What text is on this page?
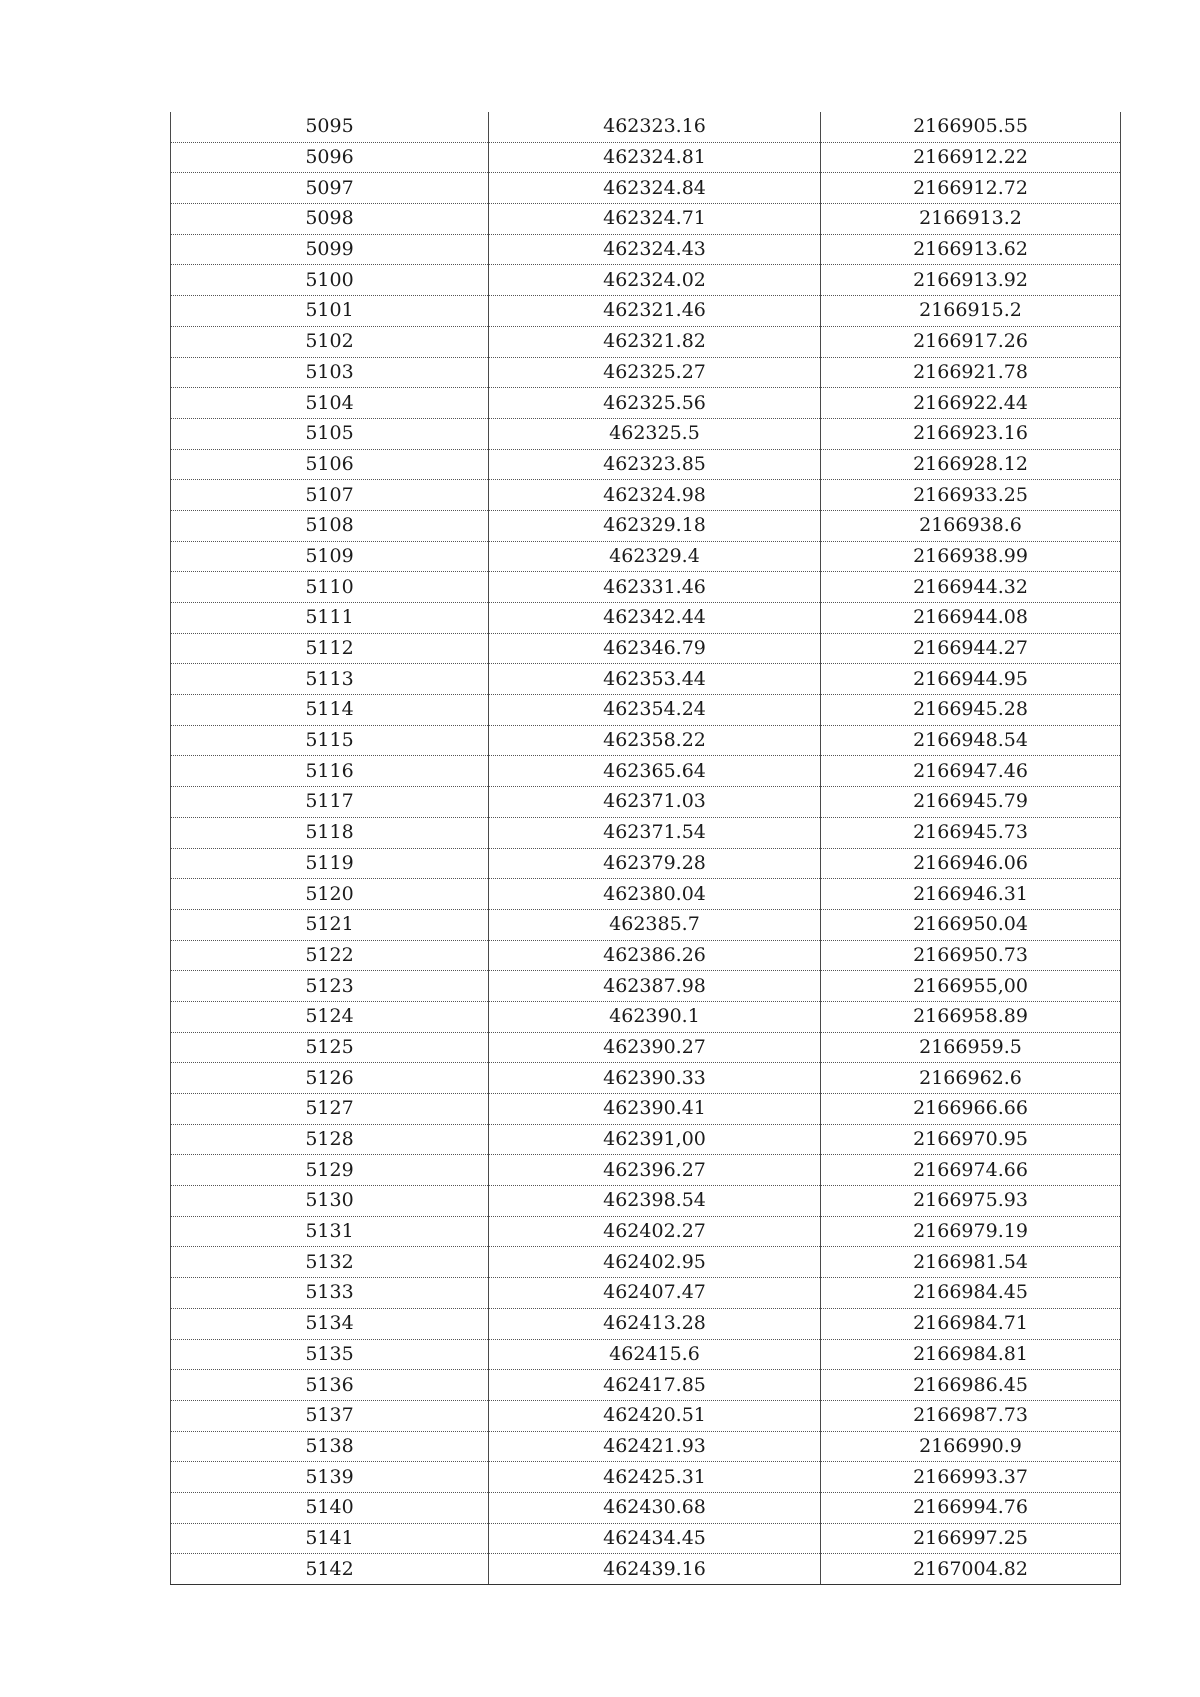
5095	462323.16	2166905.55
5096	462324.81	2166912.22
5097	462324.84	2166912.72
5098	462324.71	2166913.2
5099	462324.43	2166913.62
5100	462324.02	2166913.92
5101	462321.46	2166915.2
5102	462321.82	2166917.26
5103	462325.27	2166921.78
5104	462325.56	2166922.44
5105	462325.5	2166923.16
5106	462323.85	2166928.12
5107	462324.98	2166933.25
5108	462329.18	2166938.6
5109	462329.4	2166938.99
5110	462331.46	2166944.32
5111	462342.44	2166944.08
5112	462346.79	2166944.27
5113	462353.44	2166944.95
5114	462354.24	2166945.28
5115	462358.22	2166948.54
5116	462365.64	2166947.46
5117	462371.03	2166945.79
5118	462371.54	2166945.73
5119	462379.28	2166946.06
5120	462380.04	2166946.31
5121	462385.7	2166950.04
5122	462386.26	2166950.73
5123	462387.98	2166955,00
5124	462390.1	2166958.89
5125	462390.27	2166959.5
5126	462390.33	2166962.6
5127	462390.41	2166966.66
5128	462391,00	2166970.95
5129	462396.27	2166974.66
5130	462398.54	2166975.93
5131	462402.27	2166979.19
5132	462402.95	2166981.54
5133	462407.47	2166984.45
5134	462413.28	2166984.71
5135	462415.6	2166984.81
5136	462417.85	2166986.45
5137	462420.51	2166987.73
5138	462421.93	2166990.9
5139	462425.31	2166993.37
5140	462430.68	2166994.76
5141	462434.45	2166997.25
5142	462439.16	2167004.82
